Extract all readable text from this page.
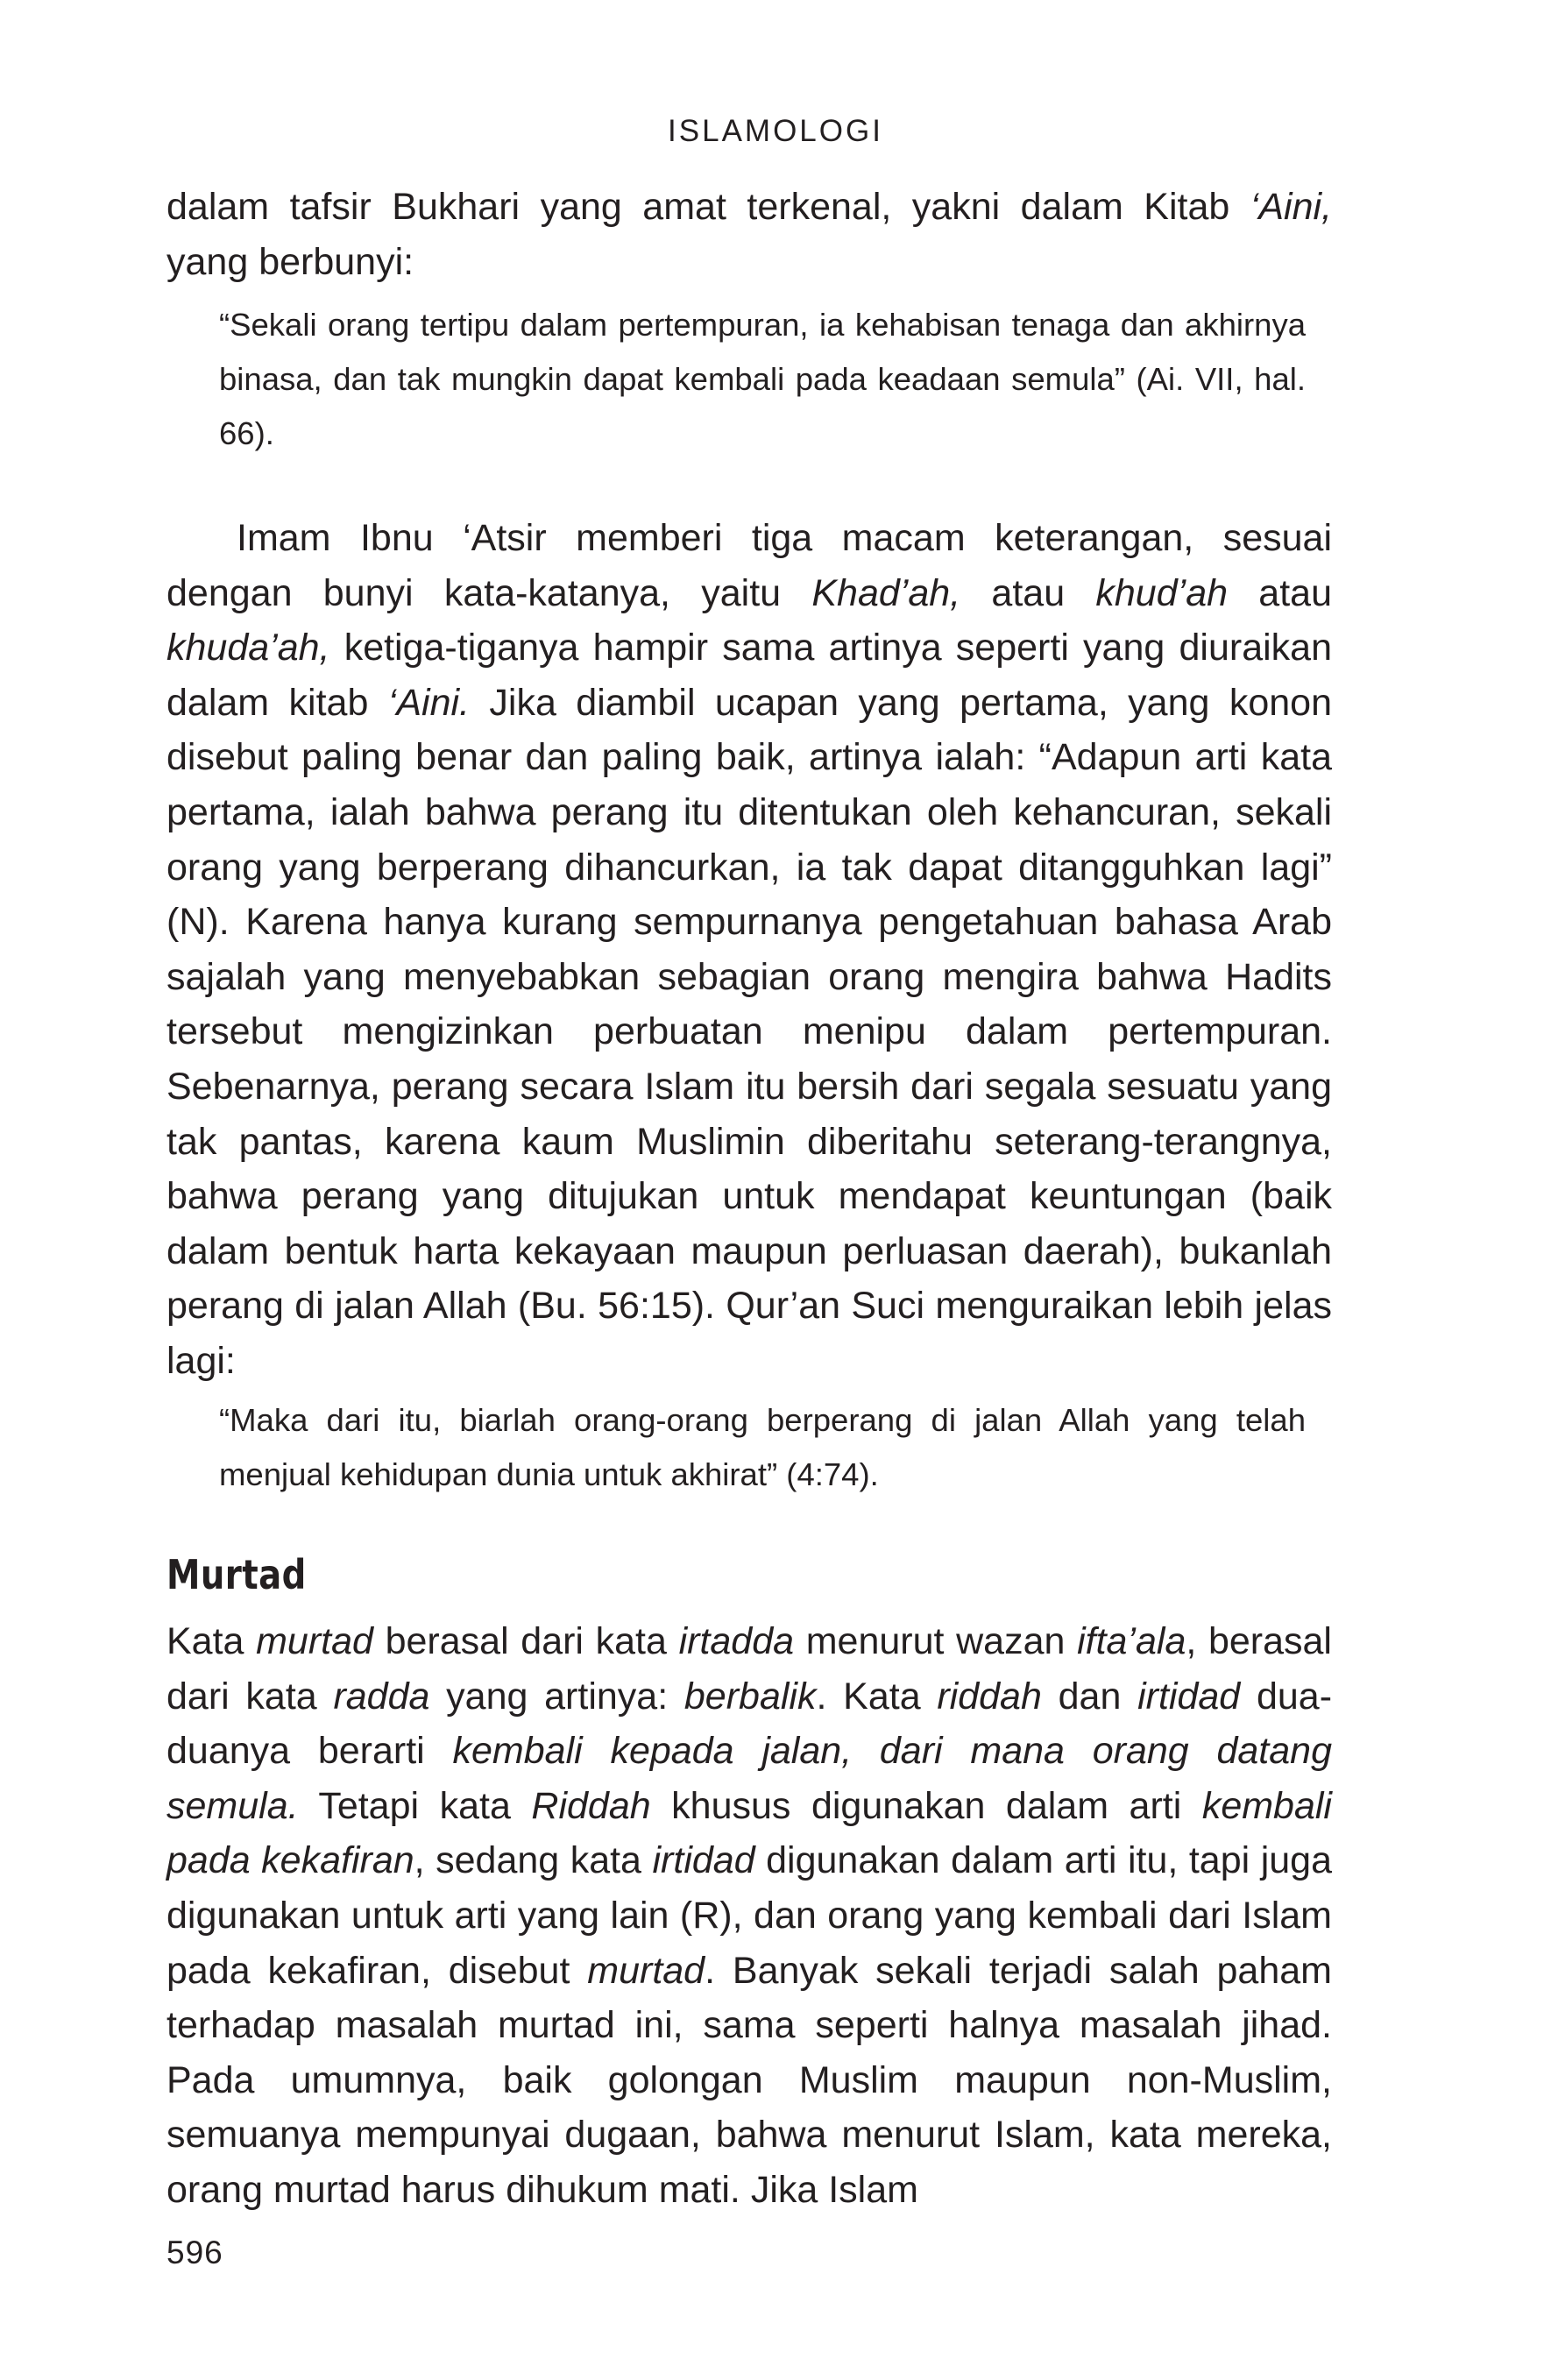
ISLAMOLOGI

dalam tafsir Bukhari yang amat terkenal, yakni dalam Kitab ‘Aini, yang berbunyi:

“Sekali orang tertipu dalam pertempuran, ia kehabisan tenaga dan akhirnya binasa, dan tak mungkin dapat kembali pada keadaan semula” (Ai. VII, hal. 66).

Imam Ibnu ‘Atsir memberi tiga macam keterangan, sesuai dengan bunyi kata-katanya, yaitu Khad’ah, atau khud’ah atau khuda’ah, ketiga-tiganya hampir sama artinya seperti yang diuraikan dalam kitab ‘Aini. Jika diambil ucapan yang pertama, yang konon disebut paling benar dan paling baik, artinya ialah: “Adapun arti kata pertama, ialah bahwa perang itu ditentukan oleh kehancuran, sekali orang yang berperang dihancurkan, ia tak dapat ditangguhkan lagi” (N). Karena hanya kurang sempurnanya pengetahuan bahasa Arab sajalah yang menyebabkan sebagian orang mengira bahwa Hadits tersebut mengizinkan perbuatan menipu dalam pertempuran. Sebenarnya, perang secara Islam itu bersih dari segala sesuatu yang tak pantas, karena kaum Muslimin diberitahu seterang-terangnya, bahwa perang yang ditujukan untuk mendapat keuntungan (baik dalam bentuk harta kekayaan maupun perluasan daerah), bukanlah perang di jalan Allah (Bu. 56:15). Qur’an Suci menguraikan lebih jelas lagi:

“Maka dari itu, biarlah orang-orang berperang di jalan Allah yang telah menjual kehidupan dunia untuk akhirat” (4:74).

Murtad

Kata murtad berasal dari kata irtadda menurut wazan ifta’ala, berasal dari kata radda yang artinya: berbalik. Kata riddah dan irtidad dua-duanya berarti kembali kepada jalan, dari mana orang datang semula. Tetapi kata Riddah khusus digunakan dalam arti kembali pada kekafiran, sedang kata irtidad digunakan dalam arti itu, tapi juga digunakan untuk arti yang lain (R), dan orang yang kembali dari Islam pada kekafiran, disebut murtad. Banyak sekali terjadi salah paham terhadap masalah murtad ini, sama seperti halnya masalah jihad. Pada umumnya, baik golongan Muslim maupun non-Muslim, semuanya mempunyai dugaan, bahwa menurut Islam, kata mereka, orang murtad harus dihukum mati. Jika Islam

596
